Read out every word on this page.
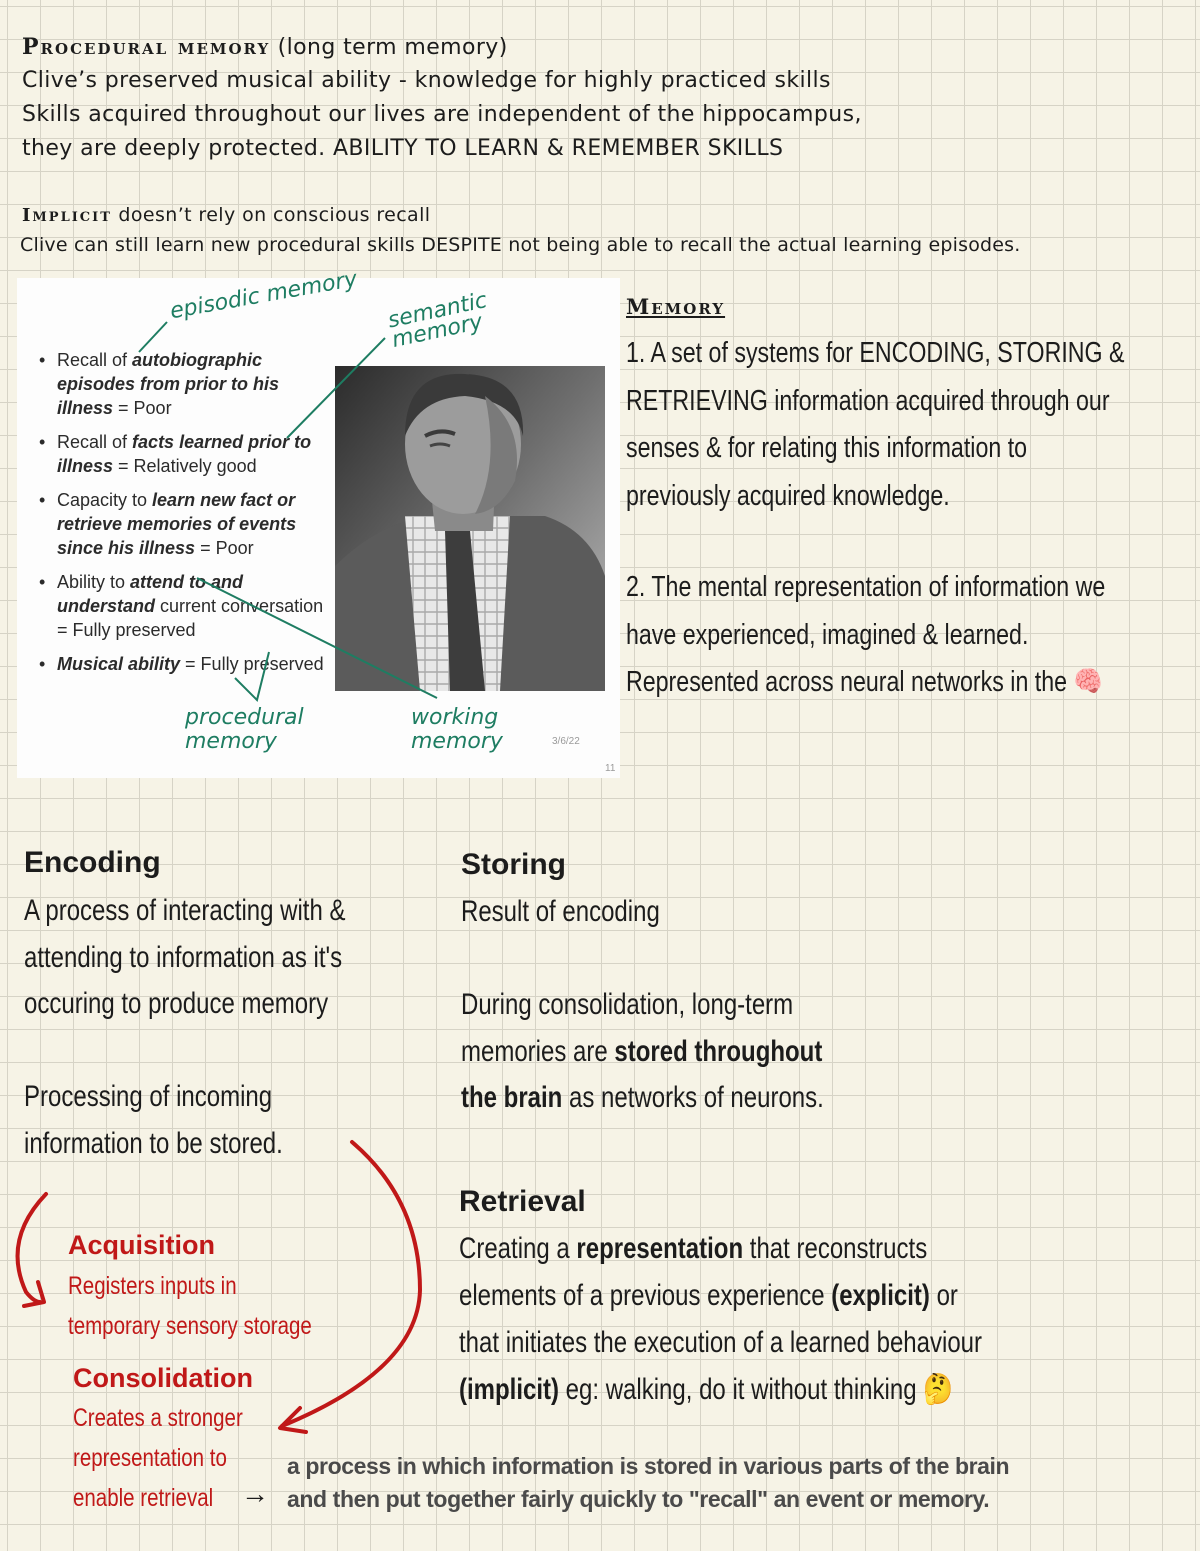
Procedural memory (long term memory)
Clive’s preserved musical ability - knowledge for highly practiced skills
Skills acquired throughout our lives are independent of the hippocampus,
they are deeply protected. ABILITY TO LEARN & REMEMBER SKILLS
Implicit doesn’t rely on conscious recall
Clive can still learn new procedural skills DESPITE not being able to recall the actual learning episodes.
• Recall of autobiographic episodes from prior to his illness = Poor
• Recall of facts learned prior to illness = Relatively good
• Capacity to learn new fact or retrieve memories of events since his illness = Poor
• Ability to attend to and understand current conversation = Fully preserved
• Musical ability = Fully preserved
episodic memory semantic memory
procedural memory
working memory	3/6/22
11
Memory
1. A set of systems for ENCODING, STORING &
RETRIEVING information acquired through our
senses & for relating this information to
previously acquired knowledge.
2. The mental representation of information we
have experienced, imagined & learned.
Represented across neural networks in the 🧠
Encoding
A process of interacting with &
attending to information as it's
occuring to produce memory
Processing of incoming
information to be stored.
Storing
Result of encoding

During consolidation, long-term
memories are stored throughout
the brain as networks of neurons.
Retrieval
Creating a representation that reconstructs
elements of a previous experience (explicit) or
that initiates the execution of a learned behaviour
(implicit) eg: walking, do it without thinking 🤔
Acquisition
Registers inputs in
temporary sensory storage
Consolidation
Creates a stronger
representation to
enable retrieval →
a process in which information is stored in various parts of the brain
and then put together fairly quickly to "recall" an event or memory.
